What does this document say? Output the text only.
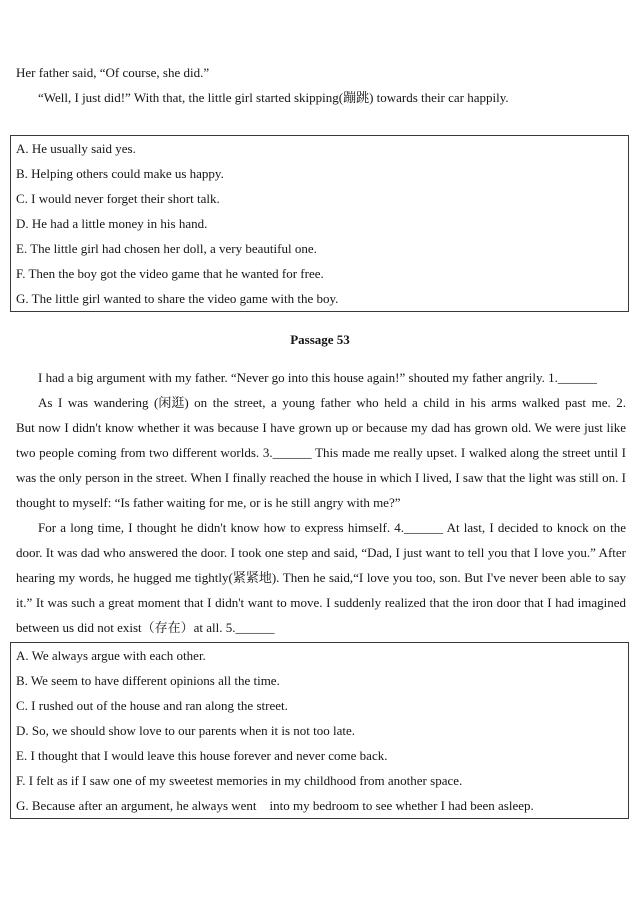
Her father said, “Of course, she did.”
“Well, I just did!” With that, the little girl started skipping(蹦跳) towards their car happily.
A. He usually said yes.
B. Helping others could make us happy.
C. I would never forget their short talk.
D. He had a little money in his hand.
E. The little girl had chosen her doll, a very beautiful one.
F. Then the boy got the video game that he wanted for free.
G. The little girl wanted to share the video game with the boy.
Passage 53
I had a big argument with my father. “Never go into this house again!” shouted my father angrily. 1.______
As I was wandering (闲逛) on the street, a young father who held a child in his arms walked past me. 2.
But now I didn't know whether it was because I have grown up or because my dad has grown old. We were just like
two people coming from two different worlds. 3.______ This made me really upset. I walked along the street until I
was the only person in the street. When I finally reached the house in which I lived, I saw that the light was still on. I
thought to myself: “Is father waiting for me, or is he still angry with me?”
For a long time, I thought he didn't know how to express himself. 4.______ At last, I decided to knock on the
door. It was dad who answered the door. I took one step and said, “Dad, I just want to tell you that I love you.” After
hearing my words, he hugged me tightly(紧紧地). Then he said,“I love you too, son. But I've never been able to say
it.” It was such a great moment that I didn't want to move. I suddenly realized that the iron door that I had imagined
between us did not exist（存在）at all. 5.______
A. We always argue with each other.
B. We seem to have different opinions all the time.
C. I rushed out of the house and ran along the street.
D. So, we should show love to our parents when it is not too late.
E. I thought that I would leave this house forever and never come back.
F. I felt as if I saw one of my sweetest memories in my childhood from another space.
G. Because after an argument, he always went    into my bedroom to see whether I had been asleep.
